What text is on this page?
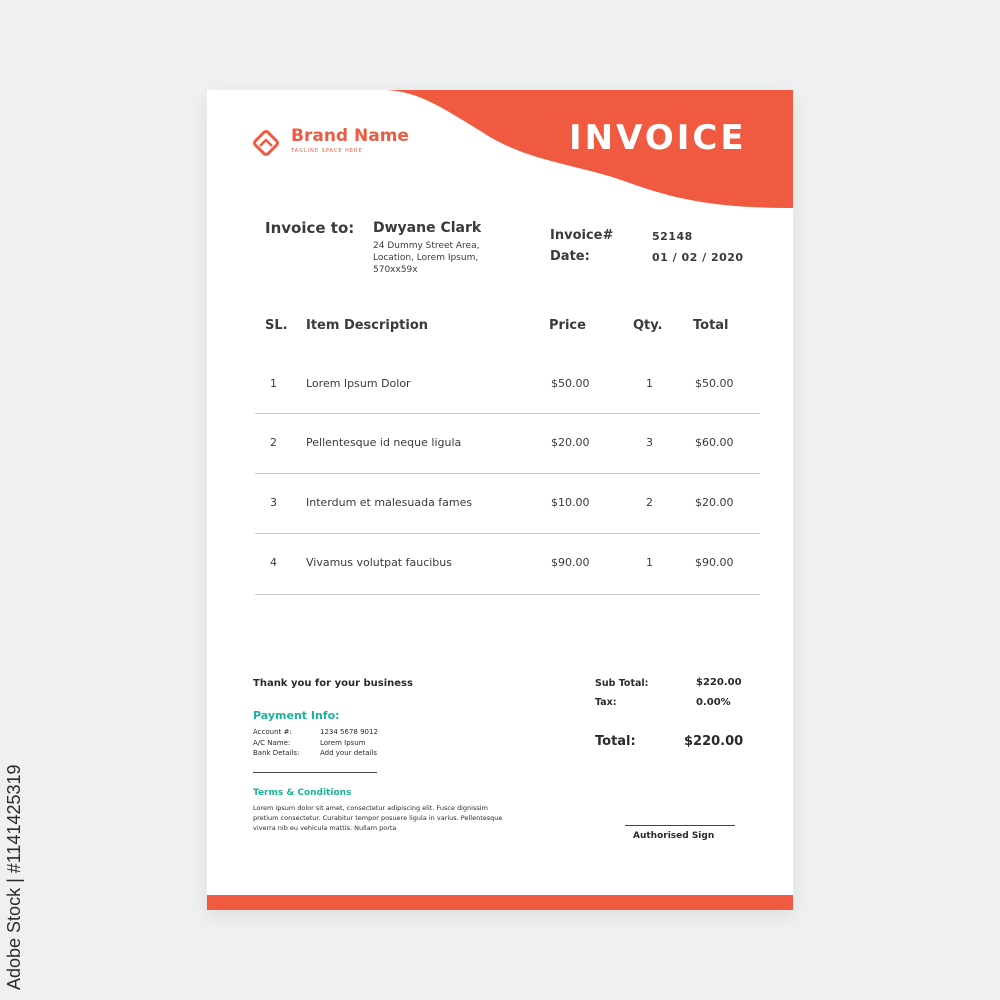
Adobe Stock | #1141425319
Brand Name
TAGLINE SPACE HERE	INVOICE
Invoice to: Dwyane Clark
24 Dummy Street Area, Location, Lorem Ipsum, 570xx59x
Invoice#	52148
Date:	01 / 02 / 2020
SL. Item Description	Price	Qty. Total
1	Lorem Ipsum Dolor	$50.00	1	$50.00
2	Pellentesque id neque ligula	$20.00	3	$60.00
3	Interdum et malesuada fames	$10.00	2	$20.00
4	Vivamus volutpat faucibus	$90.00	1	$90.00
Thank you for your business
Payment Info:
Account #:	1234 5678 9012
A/C Name:	Lorem Ipsum
Bank Details:	Add your details
Terms & Conditions
Lorem ipsum dolor sit amet, consectetur adipiscing elit. Fusce dignissim pretium consectetur. Curabitur tempor posuere ligula in varius. Pellentesque viverra nib eu vehicula mattis. Nullam porta
Sub Total:	$220.00
Tax:	0.00%
Total:	$220.00
Authorised Sign
